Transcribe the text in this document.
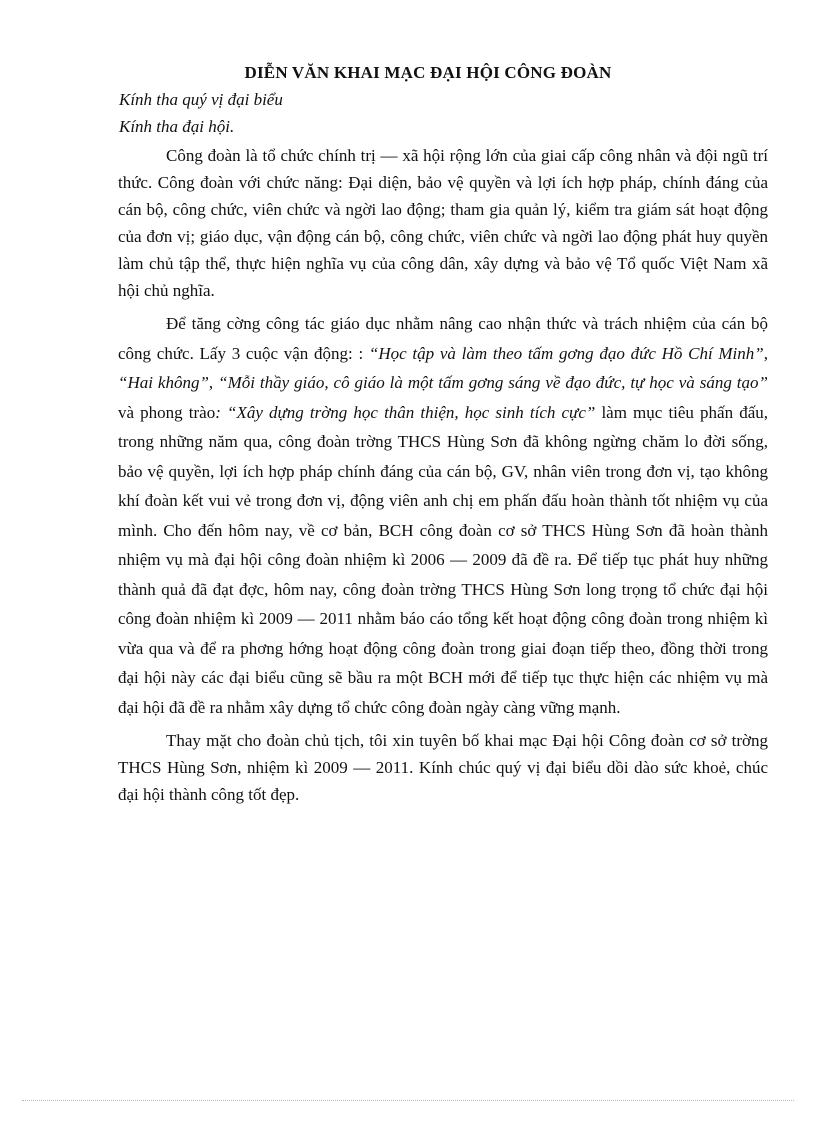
DIỄN VĂN KHAI MẠC ĐẠI HỘI CÔNG ĐOÀN
Kính tha quý vị đại biểu
Kính tha đại hội.

Công đoàn là tổ chức chính trị — xã hội rộng lớn của giai cấp công nhân và đội ngũ trí thức. Công đoàn với chức năng: Đại diện, bảo vệ quyền và lợi ích hợp pháp, chính đáng của cán bộ, công chức, viên chức và ngời lao động; tham gia quản lý, kiểm tra giám sát hoạt động của đơn vị; giáo dục, vận động cán bộ, công chức, viên chức và ngời lao động phát huy quyền làm chủ tập thể, thực hiện nghĩa vụ của công dân, xây dựng và bảo vệ Tổ quốc Việt Nam xã hội chủ nghĩa.

Để tăng cờng công tác giáo dục nhằm nâng cao nhận thức và trách nhiệm của cán bộ công chức. Lấy 3 cuộc vận động: : “Học tập và làm theo tấm gơng đạo đức Hồ Chí Minh”, “Hai không”, “Mỗi thầy giáo, cô giáo là một tấm gơng sáng về đạo đức, tự học và sáng tạo” và phong trào: “Xây dựng trờng học thân thiện, học sinh tích cực” làm mục tiêu phấn đấu, trong những năm qua, công đoàn trờng THCS Hùng Sơn đã không ngừng chăm lo đời sống, bảo vệ quyền, lợi ích hợp pháp chính đáng của cán bộ, GV, nhân viên trong đơn vị, tạo không khí đoàn kết vui vẻ trong đơn vị, động viên anh chị em phấn đấu hoàn thành tốt nhiệm vụ của mình. Cho đến hôm nay, về cơ bản, BCH công đoàn cơ sở THCS Hùng Sơn đã hoàn thành nhiệm vụ mà đại hội công đoàn nhiệm kì 2006 — 2009 đã đề ra. Để tiếp tục phát huy những thành quả đã đạt đợc, hôm nay, công đoàn trờng THCS Hùng Sơn long trọng tổ chức đại hội công đoàn nhiệm kì 2009 — 2011 nhằm báo cáo tổng kết hoạt động công đoàn trong nhiệm kì vừa qua và để ra phơng hớng hoạt động công đoàn trong giai đoạn tiếp theo, đồng thời trong đại hội này các đại biểu cũng sẽ bầu ra một BCH mới để tiếp tục thực hiện các nhiệm vụ mà đại hội đã đề ra nhằm xây dựng tổ chức công đoàn ngày càng vững mạnh.

Thay mặt cho đoàn chủ tịch, tôi xin tuyên bố khai mạc Đại hội Công đoàn cơ sở trờng THCS Hùng Sơn, nhiệm kì 2009 — 2011. Kính chúc quý vị đại biểu dồi dào sức khoẻ, chúc đại hội thành công tốt đẹp.
